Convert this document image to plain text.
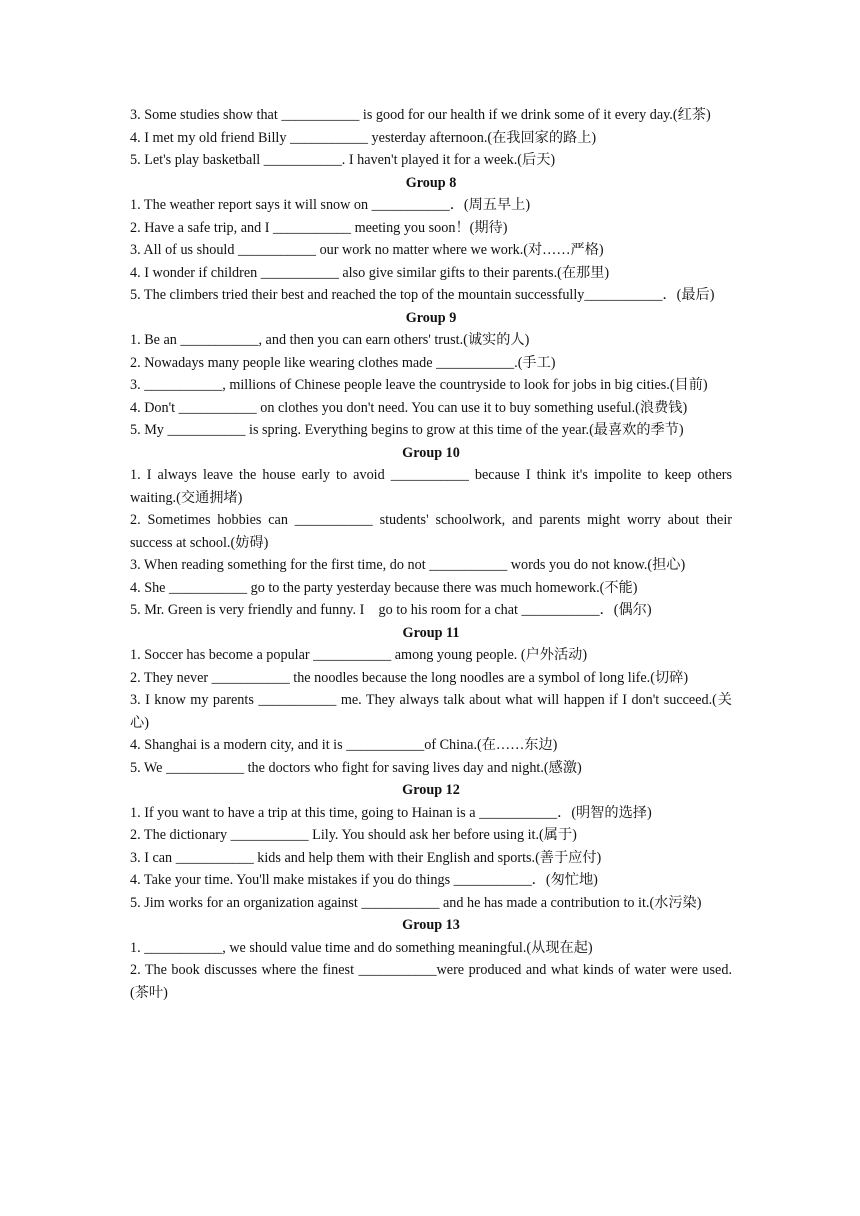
3. Some studies show that ___________ is good for our health if we drink some of it every day.(红茶)

4. I met my old friend Billy ___________ yesterday afternoon.(在我回家的路上)

5. Let's play basketball ___________. I haven't played it for a week.(后天)

Group 8

1. The weather report says it will snow on ___________．(周五早上)

2. Have a safe trip, and I ___________ meeting you soon！(期待)

3. All of us should ___________ our work no matter where we work.(对……严格)

4. I wonder if children ___________ also give similar gifts to their parents.(在那里)

5. The climbers tried their best and reached the top of the mountain successfully___________．(最后)

Group 9

1. Be an ___________, and then you can earn others' trust.(诚实的人)

2. Nowadays many people like wearing clothes made ___________.(手工)

3. ___________, millions of Chinese people leave the countryside to look for jobs in big cities.(目前)

4. Don't ___________ on clothes you don't need. You can use it to buy something useful.(浪费钱)

5. My ___________ is spring. Everything begins to grow at this time of the year.(最喜欢的季节)

Group 10

1. I always leave the house early to avoid ___________ because I think it's impolite to keep others waiting.(交通拥堵)

2. Sometimes hobbies can ___________ students' schoolwork, and parents might worry about their success at school.(妨碍)

3. When reading something for the first time, do not ___________ words you do not know.(担心)

4. She ___________ go to the party yesterday because there was much homework.(不能)

5. Mr. Green is very friendly and funny. I    go to his room for a chat ___________．(偶尔)

Group 11

1. Soccer has become a popular ___________ among young people. (户外活动)

2. They never ___________ the noodles because the long noodles are a symbol of long life.(切碎)

3. I know my parents ___________ me. They always talk about what will happen if I don't succeed.(关心)

4. Shanghai is a modern city, and it is ___________of China.(在……东边)

5. We ___________ the doctors who fight for saving lives day and night.(感激)

Group 12

1. If you want to have a trip at this time, going to Hainan is a ___________．(明智的选择)

2. The dictionary ___________ Lily. You should ask her before using it.(属于)

3. I can ___________ kids and help them with their English and sports.(善于应付)

4. Take your time. You'll make mistakes if you do things ___________．(匆忙地)

5. Jim works for an organization against ___________ and he has made a contribution to it.(水污染)

Group 13

1. ___________, we should value time and do something meaningful.(从现在起)

2. The book discusses where the finest ___________were produced and what kinds of water were used.(茶叶)
